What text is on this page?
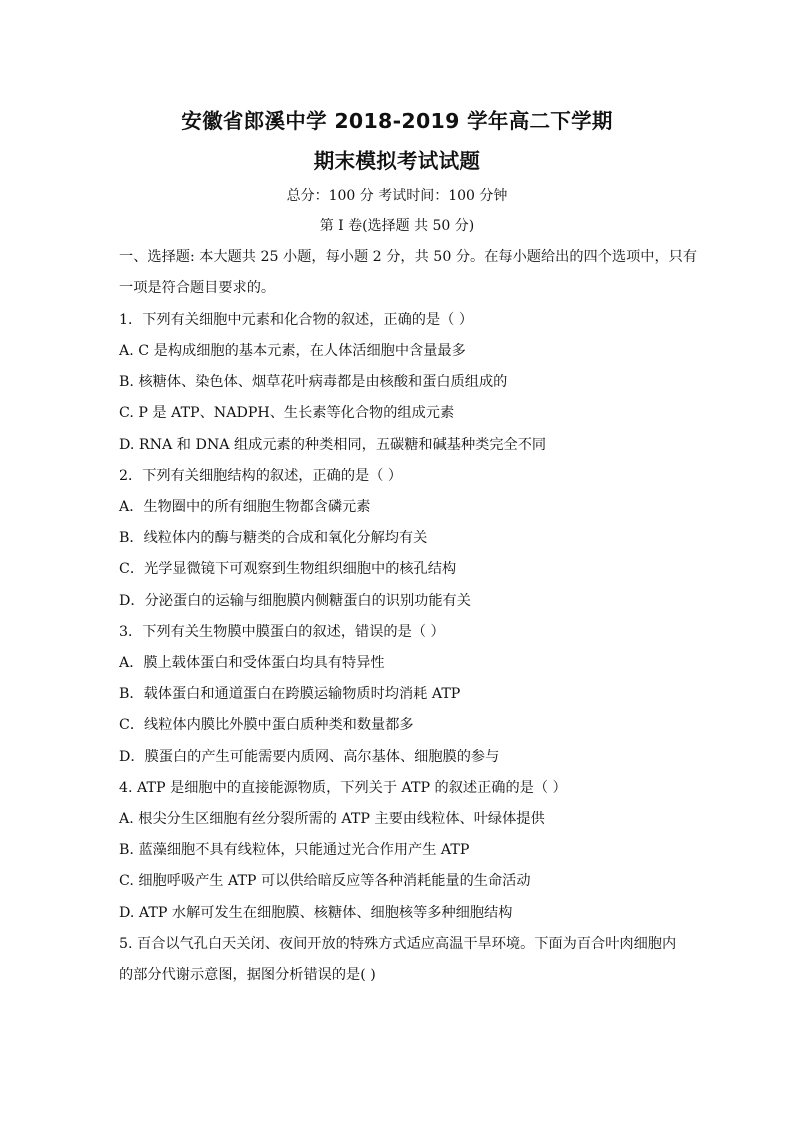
安徽省郎溪中学 2018-2019 学年高二下学期
期末模拟考试试题
总分：100 分 考试时间：100 分钟
第 I 卷(选择题 共 50 分)
一、选择题: 本大题共 25 小题，每小题 2 分，共 50 分。在每小题给出的四个选项中，只有
一项是符合题目要求的。
1．下列有关细胞中元素和化合物的叙述，正确的是（ ）
A. C 是构成细胞的基本元素，在人体活细胞中含量最多
B. 核糖体、染色体、烟草花叶病毒都是由核酸和蛋白质组成的
C. P 是 ATP、NADPH、生长素等化合物的组成元素
D. RNA 和 DNA 组成元素的种类相同，五碳糖和碱基种类完全不同
2．下列有关细胞结构的叙述，正确的是（ ）
A．生物圈中的所有细胞生物都含磷元素
B．线粒体内的酶与糖类的合成和氧化分解均有关
C．光学显微镜下可观察到生物组织细胞中的核孔结构
D．分泌蛋白的运输与细胞膜内侧糖蛋白的识别功能有关
3．下列有关生物膜中膜蛋白的叙述，错误的是（ ）
A．膜上载体蛋白和受体蛋白均具有特异性
B．载体蛋白和通道蛋白在跨膜运输物质时均消耗 ATP
C．线粒体内膜比外膜中蛋白质种类和数量都多
D．膜蛋白的产生可能需要内质网、高尔基体、细胞膜的参与
4. ATP 是细胞中的直接能源物质，下列关于 ATP 的叙述正确的是（ ）
A. 根尖分生区细胞有丝分裂所需的 ATP 主要由线粒体、叶绿体提供
B. 蓝藻细胞不具有线粒体，只能通过光合作用产生 ATP
C. 细胞呼吸产生 ATP 可以供给暗反应等各种消耗能量的生命活动
D. ATP 水解可发生在细胞膜、核糖体、细胞核等多种细胞结构
5. 百合以气孔白天关闭、夜间开放的特殊方式适应高温干旱环境。下面为百合叶肉细胞内
的部分代谢示意图，据图分析错误的是( )
